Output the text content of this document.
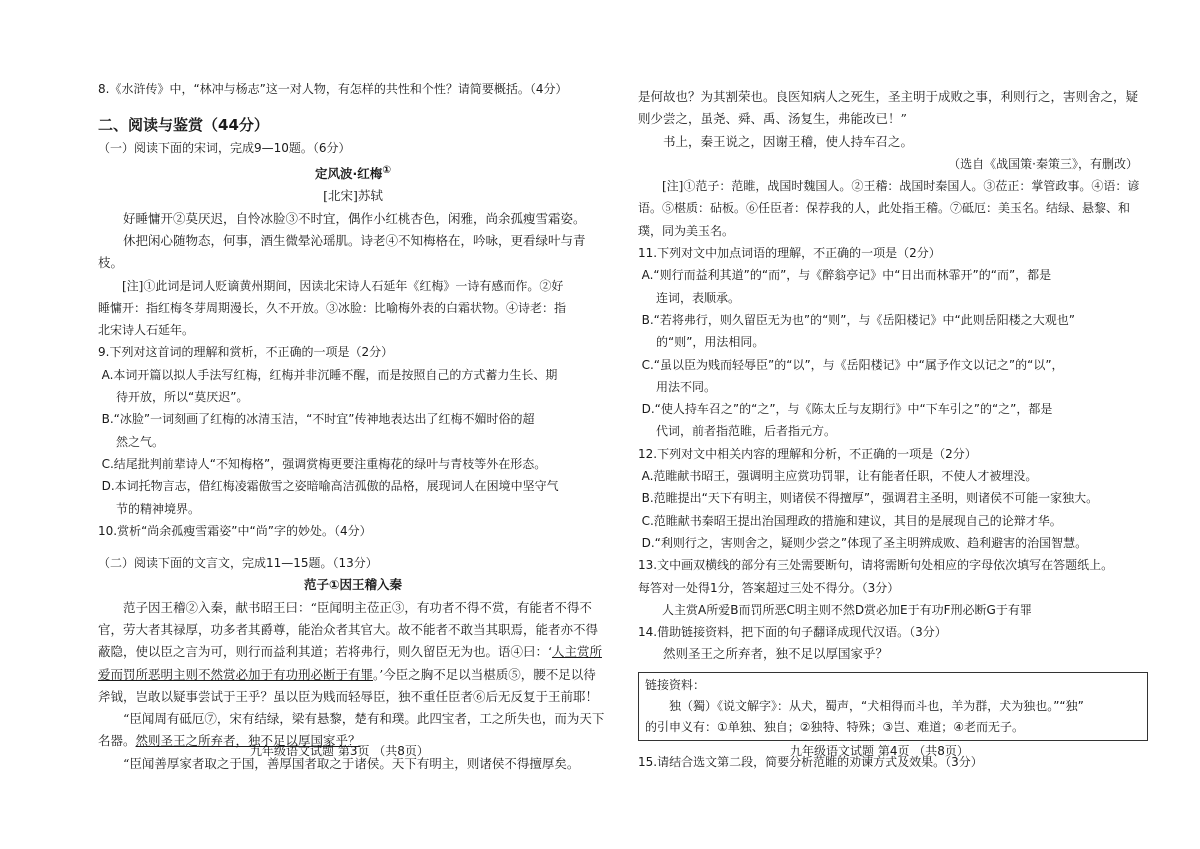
8.《水浒传》中，“林冲与杨志”这一对人物，有怎样的共性和个性？请简要概括。（4分）

二、阅读与鉴赏（44分）

（一）阅读下面的宋词，完成9—10题。（6分）

定风波·红梅①

[北宋]苏轼

好睡慵开②莫厌迟，自怜冰脸③不时宜，偶作小红桃杏色，闲雅，尚余孤瘦雪霜姿。

休把闲心随物态，何事，酒生微晕沁瑶肌。诗老④不知梅格在，吟咏，更看绿叶与青枝。

[注]①此词是词人贬谪黄州期间，因读北宋诗人石延年《红梅》一诗有感而作。②好

睡慵开：指红梅冬芽周期漫长，久不开放。③冰脸：比喻梅外表的白霜状物。④诗老：指

北宋诗人石延年。

9.下列对这首词的理解和赏析，不正确的一项是（2分）

A.本词开篇以拟人手法写红梅，红梅并非沉睡不醒，而是按照自己的方式蓄力生长、期
待开放，所以“莫厌迟”。

B.“冰脸”一词刻画了红梅的冰清玉洁，“不时宜”传神地表达出了红梅不媚时俗的超
然之气。

C.结尾批判前辈诗人“不知梅格”，强调赏梅更要注重梅花的绿叶与青枝等外在形态。

D.本词托物言志，借红梅凌霜傲雪之姿暗喻高洁孤傲的品格，展现词人在困境中坚守气
节的精神境界。

10.赏析“尚余孤瘦雪霜姿”中“尚”字的妙处。（4分）

（二）阅读下面的文言文，完成11—15题。（13分）

范子①因王稽入秦

范子因王稽②入秦，献书昭王曰：“臣闻明主莅正③，有功者不得不赏，有能者不得不官，劳大者其禄厚，功多者其爵尊，能治众者其官大。故不能者不敢当其职焉，能者亦不得蔽隐，使以臣之言为可，则行而益利其道；若将弗行，则久留臣无为也。语④曰：‘人主赏所爱而罚所恶明主则不然赏必加于有功刑必断于有罪。’今臣之胸不足以当椹质⑤，腰不足以待斧钺，岂敢以疑事尝试于王乎？虽以臣为贱而轻辱臣，独不重任臣者⑥后无反复于王前耶！

“臣闻周有砥厄⑦，宋有结绿，梁有悬黎，楚有和璞。此四宝者，工之所失也，而为天下名器。然则圣王之所弃者，独不足以厚国家乎？

“臣闻善厚家者取之于国，善厚国者取之于诸侯。天下有明主，则诸侯不得擅厚矣。

九年级语文试题 第3页 （共8页）

是何故也？为其割荣也。良医知病人之死生，圣主明于成败之事，利则行之，害则舍之，疑则少尝之，虽尧、舜、禹、汤复生，弗能改已！”

书上，秦王说之，因谢王稽，使人持车召之。

（选自《战国策·秦策三》，有删改）

[注]①范子：范睢，战国时魏国人。②王稽：战国时秦国人。③莅正：掌管政事。④语：谚语。⑤椹质：砧板。⑥任臣者：保荐我的人，此处指王稽。⑦砥厄：美玉名。结绿、悬黎、和璞，同为美玉名。

11.下列对文中加点词语的理解，不正确的一项是（2分）

A.“则行而益利其道”的“而”，与《醉翁亭记》中“日出而林霏开”的“而”，都是
连词，表顺承。

B.“若将弗行，则久留臣无为也”的“则”，与《岳阳楼记》中“此则岳阳楼之大观也”
的“则”，用法相同。

C.“虽以臣为贱而轻辱臣”的“以”，与《岳阳楼记》中“属予作文以记之”的“以”，
用法不同。

D.“使人持车召之”的“之”，与《陈太丘与友期行》中“下车引之”的“之”，都是
代词，前者指范睢，后者指元方。

12.下列对文中相关内容的理解和分析，不正确的一项是（2分）

A.范睢献书昭王，强调明主应赏功罚罪，让有能者任职，不使人才被埋没。

B.范睢提出“天下有明主，则诸侯不得擅厚”，强调君主圣明，则诸侯不可能一家独大。

C.范睢献书秦昭王提出治国理政的措施和建议，其目的是展现自己的论辩才华。

D.“利则行之，害则舍之，疑则少尝之”体现了圣主明辨成败、趋利避害的治国智慧。

13.文中画双横线的部分有三处需要断句，请将需断句处相应的字母依次填写在答题纸上。

每答对一处得1分，答案超过三处不得分。（3分）

人主赏A所爱B而罚所恶C明主则不然D赏必加E于有功F刑必断G于有罪

14.借助链接资料，把下面的句子翻译成现代汉语。（3分）

然则圣王之所弃者，独不足以厚国家乎？

链接资料：
独（獨）《说文解字》：从犬，蜀声，“犬相得而斗也，羊为群，犬为独也。”“独”
的引申义有：①单独、独自；②独特、特殊；③岂、难道；④老而无子。

15.请结合选文第二段，简要分析范睢的劝谏方式及效果。（3分）

九年级语文试题 第4页 （共8页）
